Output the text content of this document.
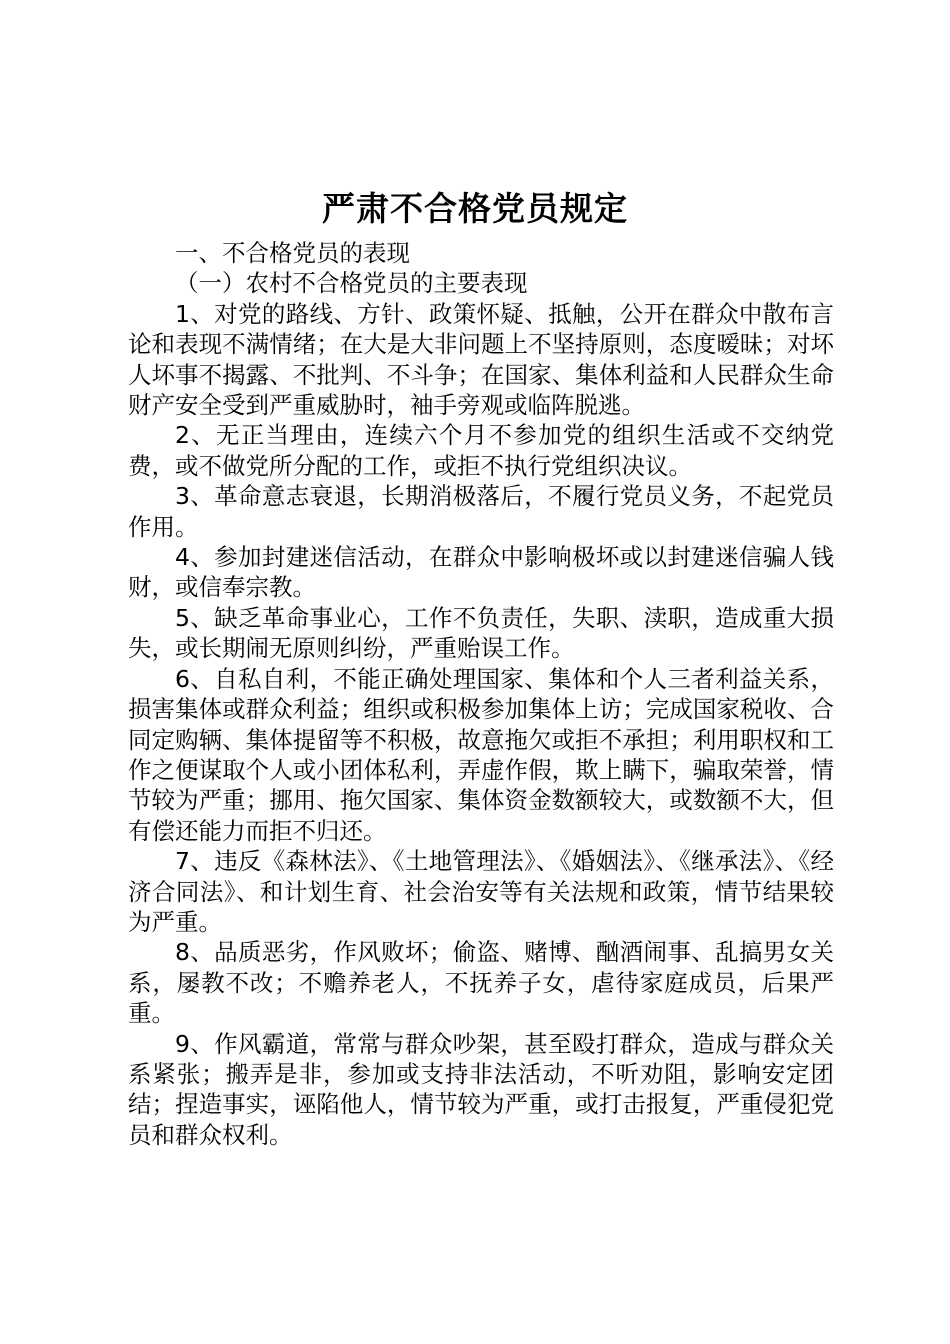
严肃不合格党员规定

一、不合格党员的表现

（一）农村不合格党员的主要表现

1、对党的路线、方针、政策怀疑、抵触，公开在群众中散布言论和表现不满情绪；在大是大非问题上不坚持原则，态度暧昧；对坏人坏事不揭露、不批判、不斗争；在国家、集体利益和人民群众生命财产安全受到严重威胁时，袖手旁观或临阵脱逃。

2、无正当理由，连续六个月不参加党的组织生活或不交纳党费，或不做党所分配的工作，或拒不执行党组织决议。

3、革命意志衰退，长期消极落后，不履行党员义务，不起党员作用。

4、参加封建迷信活动，在群众中影响极坏或以封建迷信骗人钱财，或信奉宗教。

5、缺乏革命事业心，工作不负责任，失职、渎职，造成重大损失，或长期闹无原则纠纷，严重贻误工作。

6、自私自利，不能正确处理国家、集体和个人三者利益关系，损害集体或群众利益；组织或积极参加集体上访；完成国家税收、合同定购辆、集体提留等不积极，故意拖欠或拒不承担；利用职权和工作之便谋取个人或小团体私利，弄虚作假，欺上瞒下，骗取荣誉，情节较为严重；挪用、拖欠国家、集体资金数额较大，或数额不大，但有偿还能力而拒不归还。

7、违反《森林法》、《土地管理法》、《婚姻法》、《继承法》、《经济合同法》、和计划生育、社会治安等有关法规和政策，情节结果较为严重。

8、品质恶劣，作风败坏；偷盗、赌博、酗酒闹事、乱搞男女关系，屡教不改；不赡养老人，不抚养子女，虐待家庭成员，后果严重。

9、作风霸道，常常与群众吵架，甚至殴打群众，造成与群众关系紧张；搬弄是非，参加或支持非法活动，不听劝阻，影响安定团结；捏造事实，诬陷他人，情节较为严重，或打击报复，严重侵犯党员和群众权利。
